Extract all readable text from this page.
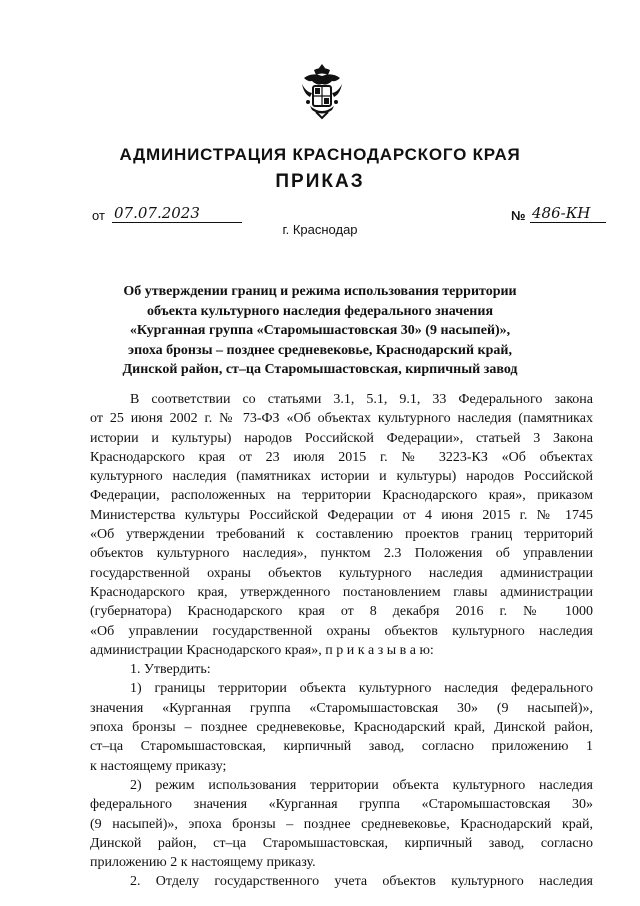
АДМИНИСТРАЦИЯ КРАСНОДАРСКОГО КРАЯ
ПРИКАЗ
от 07.07.2023	№ 486-КН
г. Краснодар
Об утверждении границ и режима использования территории
объекта культурного наследия федерального значения
«Курганная группа «Старомышастовская 30» (9 насыпей)»,
эпоха бронзы – позднее средневековье, Краснодарский край,
Динской район, ст–ца Старомышастовская, кирпичный завод

В соответствии со статьями 3.1, 5.1, 9.1, 33 Федерального закона

от 25 июня 2002 г. № 73-ФЗ «Об объектах культурного наследия (памятниках

истории и культуры) народов Российской Федерации», статьей 3 Закона

Краснодарского края от 23 июля 2015 г. № 3223-КЗ «Об объектах

культурного наследия (памятниках истории и культуры) народов Российской

Федерации, расположенных на территории Краснодарского края», приказом

Министерства культуры Российской Федерации от 4 июня 2015 г. № 1745

«Об утверждении требований к составлению проектов границ территорий

объектов культурного наследия», пунктом 2.3 Положения об управлении

государственной охраны объектов культурного наследия администрации

Краснодарского края, утвержденного постановлением главы администрации

(губернатора) Краснодарского края от 8 декабря 2016 г. № 1000

«Об управлении государственной охраны объектов культурного наследия

администрации Краснодарского края», п р и к а з ы в а ю:

1. Утвердить:

1) границы территории объекта культурного наследия федерального

значения «Курганная группа «Старомышастовская 30» (9 насыпей)»,

эпоха бронзы – позднее средневековье, Краснодарский край, Динской район,

ст–ца Старомышастовская, кирпичный завод, согласно приложению 1

к настоящему приказу;

2) режим использования территории объекта культурного наследия

федерального значения «Курганная группа «Старомышастовская 30»

(9 насыпей)», эпоха бронзы – позднее средневековье, Краснодарский край,

Динской район, ст–ца Старомышастовская, кирпичный завод, согласно

приложению 2 к настоящему приказу.

2. Отделу государственного учета объектов культурного наследия
